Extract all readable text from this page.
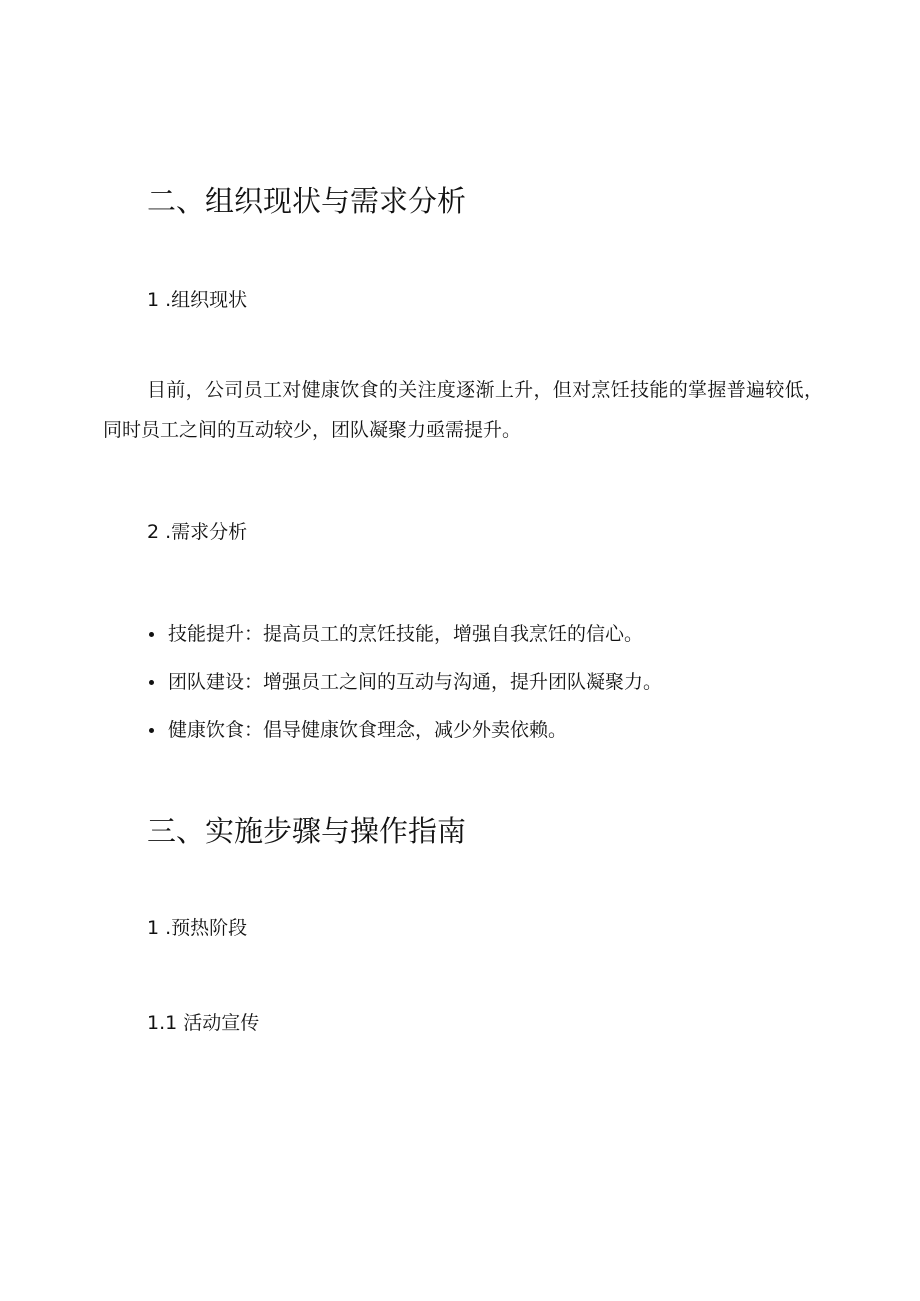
二、组织现状与需求分析

1 .组织现状

目前，公司员工对健康饮食的关注度逐渐上升，但对烹饪技能的掌握普遍较低，同时员工之间的互动较少，团队凝聚力亟需提升。

2 .需求分析

技能提升：提高员工的烹饪技能，增强自我烹饪的信心。
团队建设：增强员工之间的互动与沟通，提升团队凝聚力。
健康饮食：倡导健康饮食理念，减少外卖依赖。
三、实施步骤与操作指南

1 .预热阶段

1.1 活动宣传
